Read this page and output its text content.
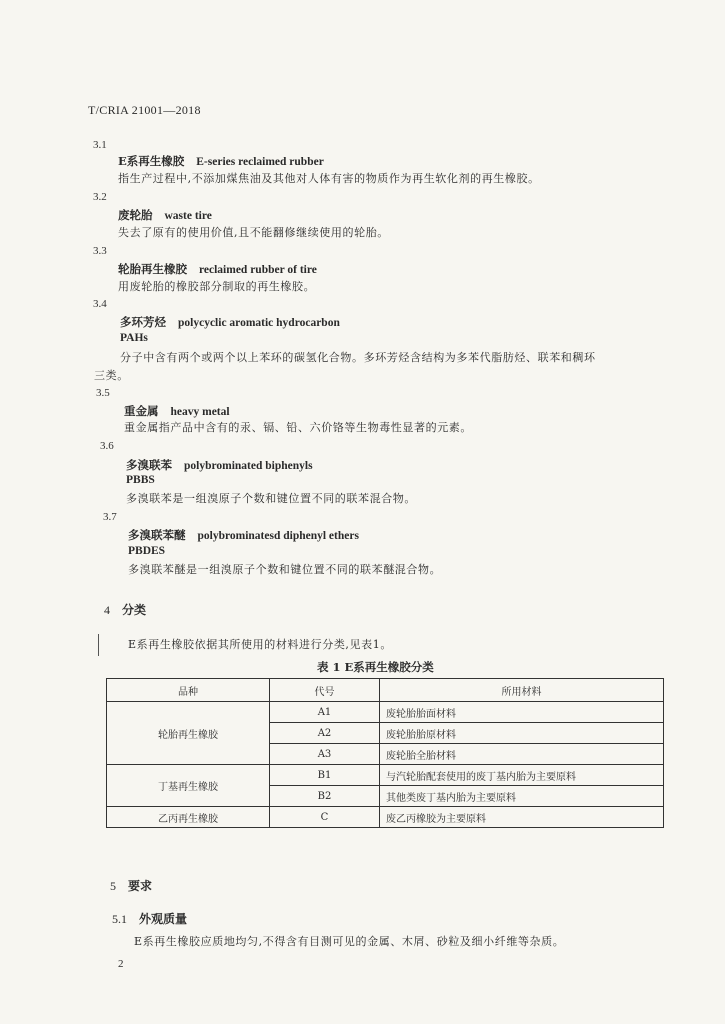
T/CRIA 21001—2018
3.1
E系再生橡胶 E-series reclaimed rubber
指生产过程中,不添加煤焦油及其他对人体有害的物质作为再生软化剂的再生橡胶。
3.2
废轮胎 waste tire
失去了原有的使用价值,且不能翻修继续使用的轮胎。
3.3
轮胎再生橡胶 reclaimed rubber of tire
用废轮胎的橡胶部分制取的再生橡胶。
3.4
多环芳烃 polycyclic aromatic hydrocarbon
PAHs
分子中含有两个或两个以上苯环的碳氢化合物。多环芳烃含结构为多苯代脂肪烃、联苯和稠环
三类。
3.5
重金属 heavy metal
重金属指产品中含有的汞、镉、铅、六价铬等生物毒性显著的元素。
3.6
多溴联苯 polybrominated biphenyls
PBBS
多溴联苯是一组溴原子个数和键位置不同的联苯混合物。
3.7
多溴联苯醚 polybrominatesd diphenyl ethers
PBDES
多溴联苯醚是一组溴原子个数和键位置不同的联苯醚混合物。
4 分类
E系再生橡胶依据其所使用的材料进行分类,见表1。
表 1 E系再生橡胶分类
品种	代号	所用材料
轮胎再生橡胶	A1	废轮胎胎面材料
	A2	废轮胎胎原材料
	A3	废轮胎全胎材料
丁基再生橡胶	B1	与汽轮胎配套使用的废丁基内胎为主要原料
	B2	其他类废丁基内胎为主要原料
乙丙再生橡胶	C	废乙丙橡胶为主要原料
5 要求
5.1 外观质量
E系再生橡胶应质地均匀,不得含有目测可见的金属、木屑、砂粒及细小纤维等杂质。
2
